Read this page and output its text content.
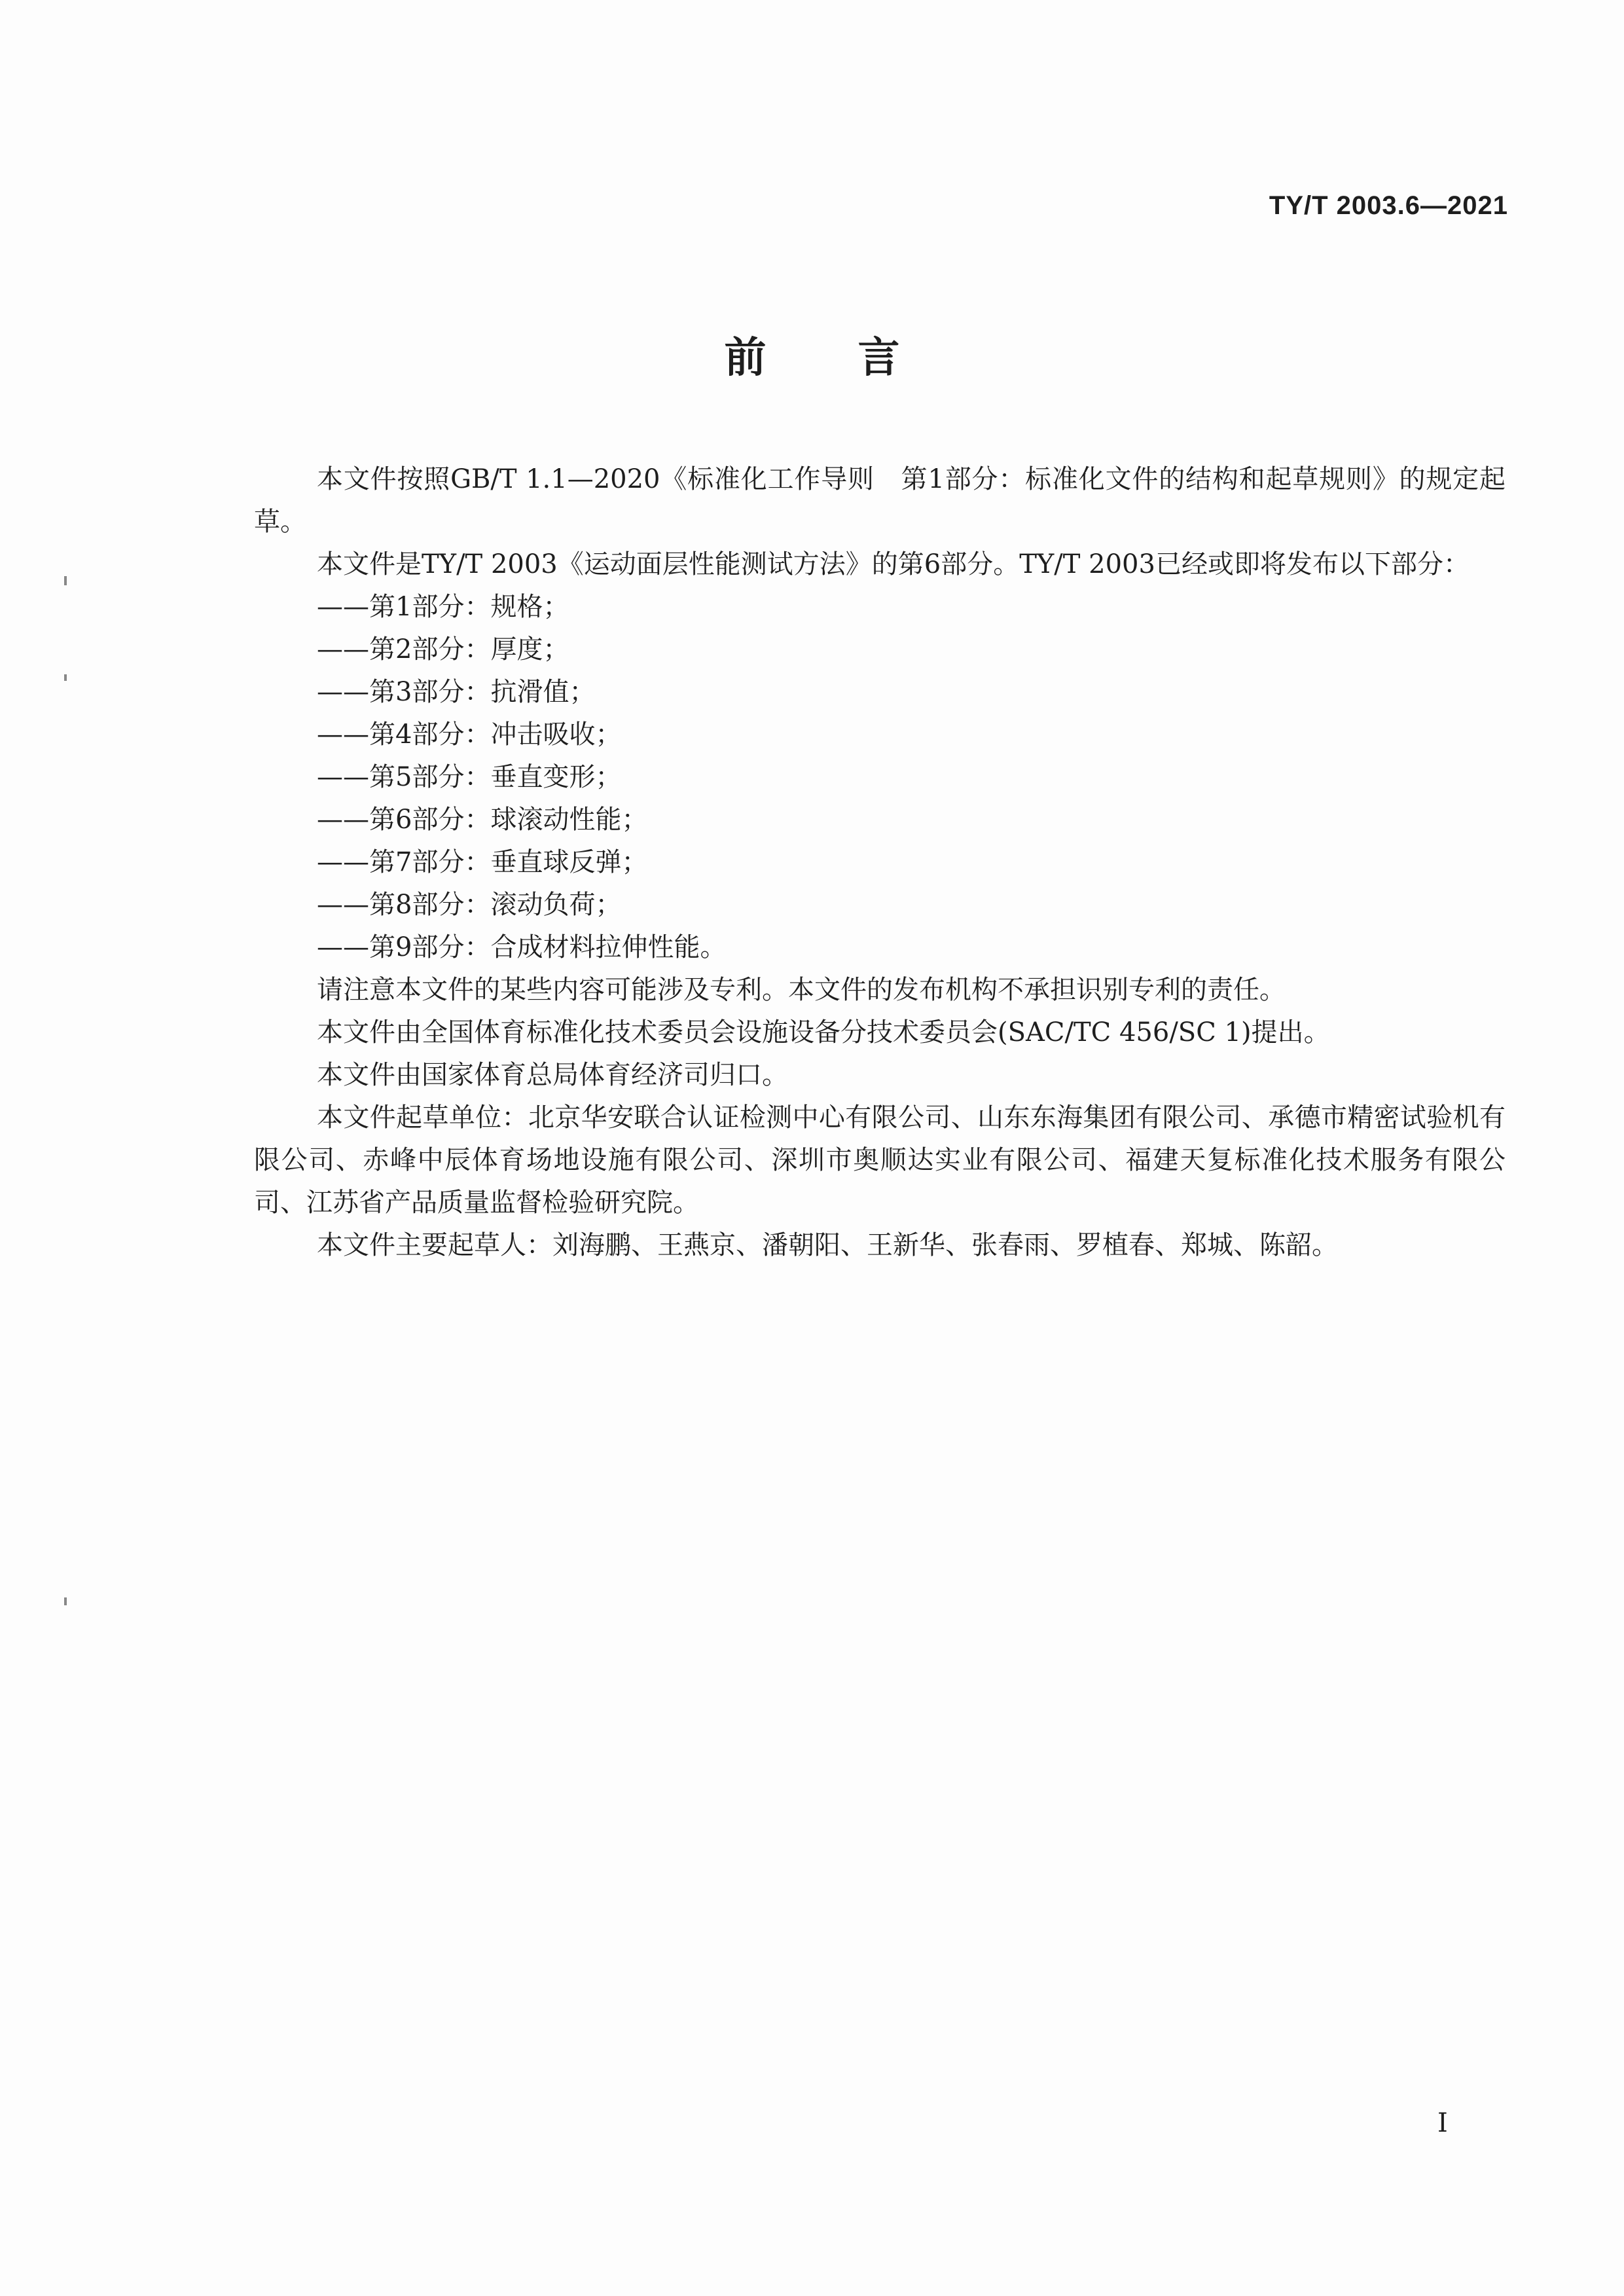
TY/T 2003.6—2021
前言

本文件按照GB/T 1.1—2020《标准化工作导则　第1部分：标准化文件的结构和起草规则》的规定起草。

本文件是TY/T 2003《运动面层性能测试方法》的第6部分。TY/T 2003已经或即将发布以下部分：

——第1部分：规格；
——第2部分：厚度；
——第3部分：抗滑值；
——第4部分：冲击吸收；
——第5部分：垂直变形；
——第6部分：球滚动性能；
——第7部分：垂直球反弹；
——第8部分：滚动负荷；
——第9部分：合成材料拉伸性能。

请注意本文件的某些内容可能涉及专利。本文件的发布机构不承担识别专利的责任。

本文件由全国体育标准化技术委员会设施设备分技术委员会(SAC/TC 456/SC 1)提出。

本文件由国家体育总局体育经济司归口。

本文件起草单位：北京华安联合认证检测中心有限公司、山东东海集团有限公司、承德市精密试验机有限公司、赤峰中辰体育场地设施有限公司、深圳市奥顺达实业有限公司、福建天复标准化技术服务有限公司、江苏省产品质量监督检验研究院。

本文件主要起草人：刘海鹏、王燕京、潘朝阳、王新华、张春雨、罗植春、郑城、陈韶。

I
